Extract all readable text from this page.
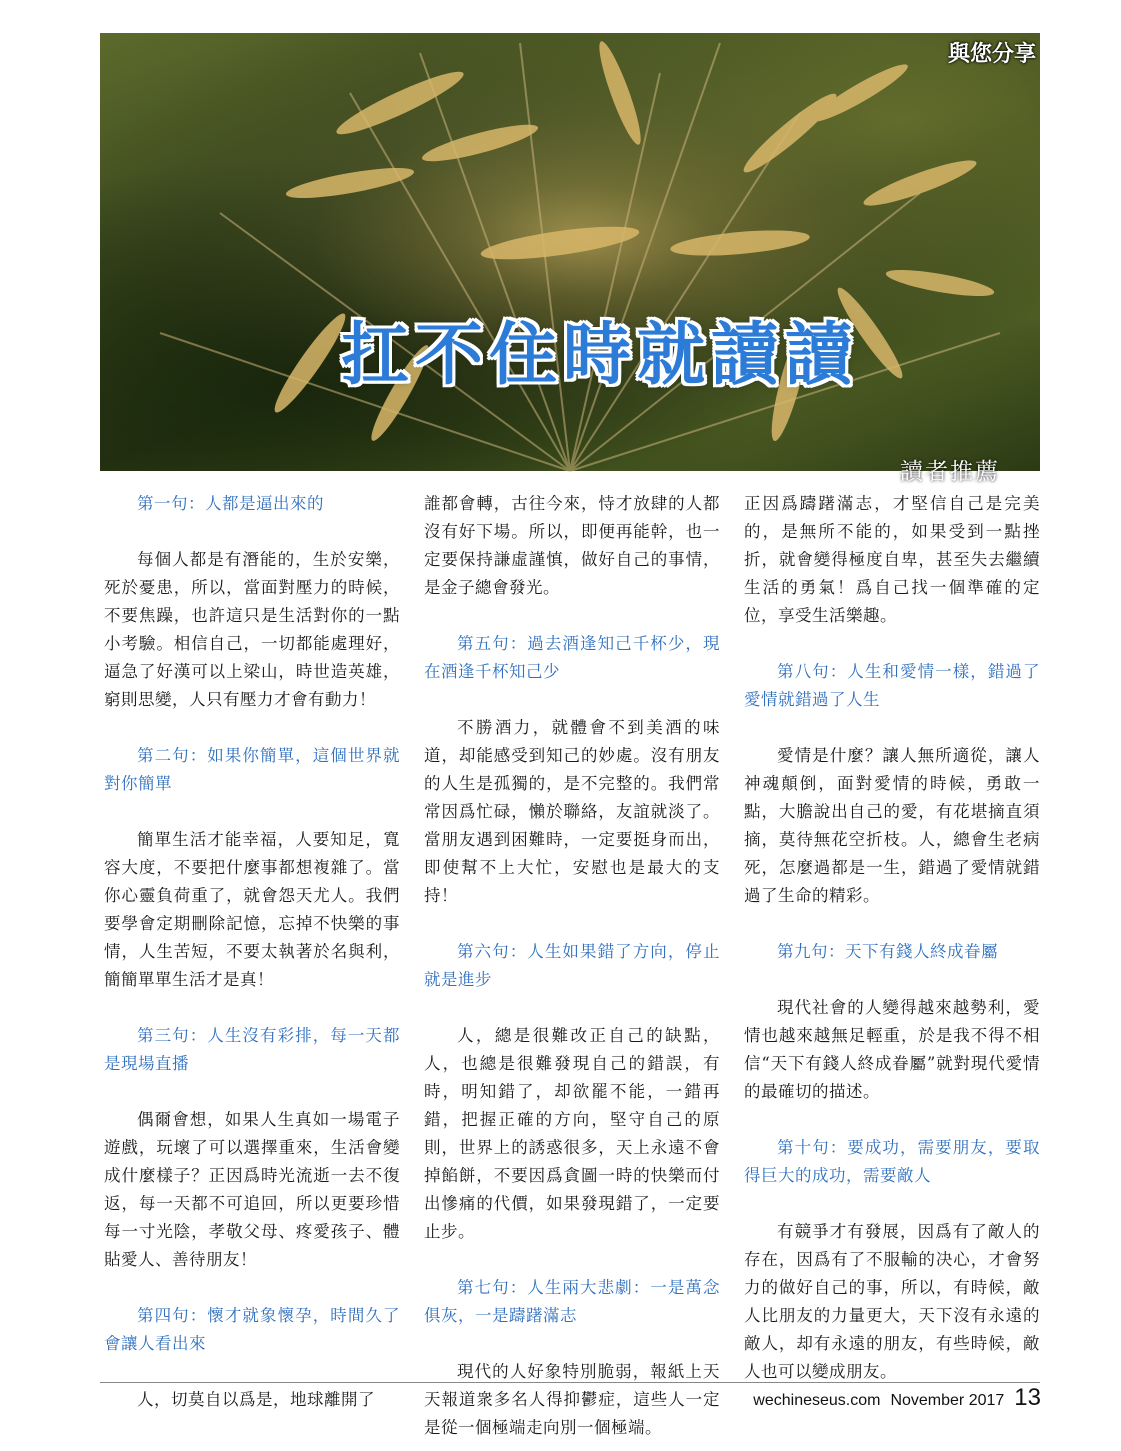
與您分享
扛不住時就讀讀
讀者推薦

第一句：人都是逼出來的

每個人都是有潛能的，生於安樂，死於憂患，所以，當面對壓力的時候，不要焦躁，也許這只是生活對你的一點小考驗。相信自己，一切都能處理好，逼急了好漢可以上梁山，時世造英雄，窮則思變，人只有壓力才會有動力！

第二句：如果你簡單，這個世界就對你簡單

簡單生活才能幸福，人要知足，寬容大度，不要把什麼事都想複雜了。當你心靈負荷重了，就會怨天尤人。我們要學會定期刪除記憶，忘掉不快樂的事情，人生苦短，不要太執著於名與利，簡簡單單生活才是真！

第三句：人生沒有彩排，每一天都是現場直播

偶爾會想，如果人生真如一場電子遊戲，玩壞了可以選擇重來，生活會變成什麼樣子？正因爲時光流逝一去不復返，每一天都不可追回，所以更要珍惜每一寸光陰，孝敬父母、疼愛孩子、體貼愛人、善待朋友！

第四句：懷才就象懷孕，時間久了會讓人看出來

人，切莫自以爲是，地球離開了

誰都會轉，古往今來，恃才放肆的人都沒有好下場。所以，即便再能幹，也一定要保持謙虛謹慎，做好自己的事情，是金子總會發光。

第五句：過去酒逢知己千杯少，現在酒逢千杯知己少

不勝酒力，就體會不到美酒的味道，却能感受到知己的妙處。沒有朋友的人生是孤獨的，是不完整的。我們常常因爲忙碌，懶於聯絡，友誼就淡了。當朋友遇到困難時，一定要挺身而出，即使幫不上大忙，安慰也是最大的支持！

第六句：人生如果錯了方向，停止就是進步

人，總是很難改正自己的缺點，人，也總是很難發現自己的錯誤，有時，明知錯了，却欲罷不能，一錯再錯，把握正確的方向，堅守自己的原則，世界上的誘惑很多，天上永遠不會掉餡餅，不要因爲貪圖一時的快樂而付出慘痛的代價，如果發現錯了，一定要止步。

第七句：人生兩大悲劇：一是萬念俱灰，一是躊躇滿志

現代的人好象特別脆弱，報紙上天天報道衆多名人得抑鬱症，這些人一定是從一個極端走向別一個極端。

正因爲躊躇滿志，才堅信自己是完美的，是無所不能的，如果受到一點挫折，就會變得極度自卑，甚至失去繼續生活的勇氣！爲自己找一個準確的定位，享受生活樂趣。

第八句：人生和愛情一樣，錯過了愛情就錯過了人生

愛情是什麼？讓人無所適從，讓人神魂顛倒，面對愛情的時候，勇敢一點，大膽說出自己的愛，有花堪摘直須摘，莫待無花空折枝。人，總會生老病死，怎麼過都是一生，錯過了愛情就錯過了生命的精彩。

第九句：天下有錢人終成眷屬

現代社會的人變得越來越勢利，愛情也越來越無足輕重，於是我不得不相信“天下有錢人終成眷屬”就對現代愛情的最確切的描述。

第十句：要成功，需要朋友，要取得巨大的成功，需要敵人

有競爭才有發展，因爲有了敵人的存在，因爲有了不服輸的决心，才會努力的做好自己的事，所以，有時候，敵人比朋友的力量更大，天下沒有永遠的敵人，却有永遠的朋友，有些時候，敵人也可以變成朋友。

wechineseus.com November 2017 13
